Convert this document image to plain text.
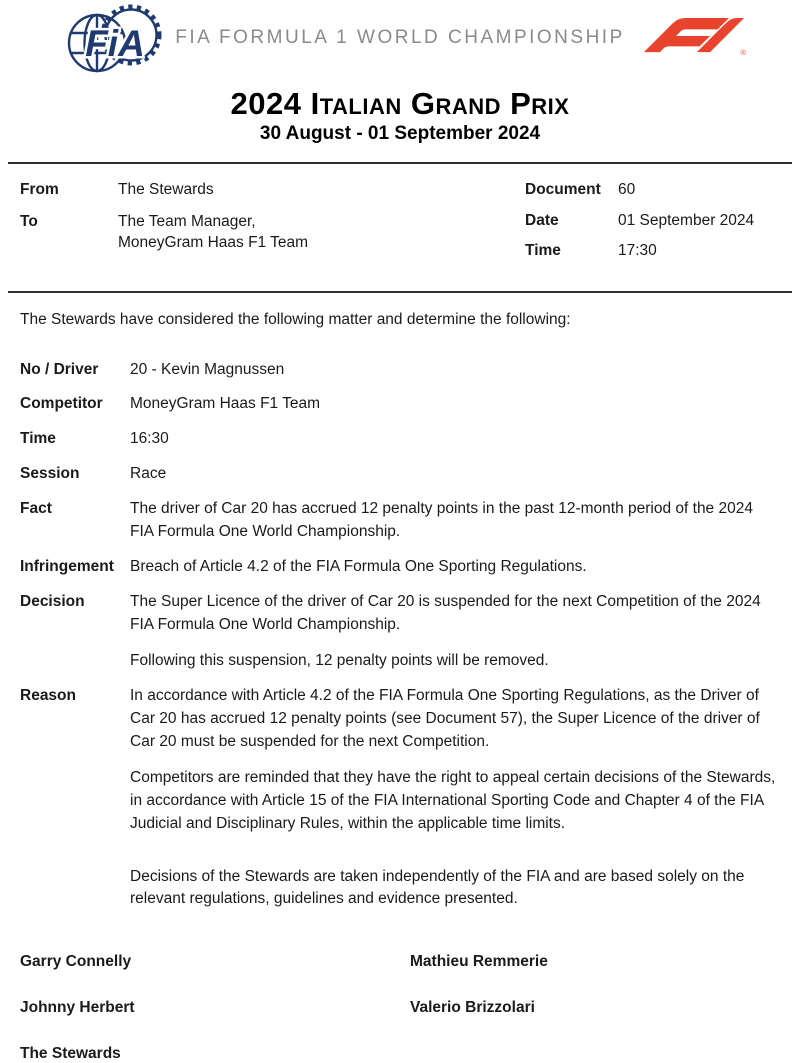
FiA	FIA FORMULA 1 WORLD CHAMPIONSHIP
®
2024 Italian Grand Prix
30 August - 01 September 2024
From	The Stewards
To	The Team Manager,
MoneyGram Haas F1 Team
Document	60
Date	01 September 2024
Time	17:30

The Stewards have considered the following matter and determine the following:

No / Driver	20 - Kevin Magnussen
Competitor	MoneyGram Haas F1 Team
Time	16:30
Session	Race
Fact	The driver of Car 20 has accrued 12 penalty points in the past 12-month period of the 2024 FIA Formula One World Championship.
Infringement	Breach of Article 4.2 of the FIA Formula One Sporting Regulations.
Decision	The Super Licence of the driver of Car 20 is suspended for the next Competition of the 2024 FIA Formula One World Championship.

Following this suspension, 12 penalty points will be removed.

Reason	In accordance with Article 4.2 of the FIA Formula One Sporting Regulations, as the Driver of Car 20 has accrued 12 penalty points (see Document 57), the Super Licence of the driver of Car 20 must be suspended for the next Competition.

Competitors are reminded that they have the right to appeal certain decisions of the Stewards, in accordance with Article 15 of the FIA International Sporting Code and Chapter 4 of the FIA Judicial and Disciplinary Rules, within the applicable time limits.

Decisions of the Stewards are taken independently of the FIA and are based solely on the relevant regulations, guidelines and evidence presented.

Garry Connelly	Mathieu Remmerie
Johnny Herbert	Valerio Brizzolari
The Stewards
